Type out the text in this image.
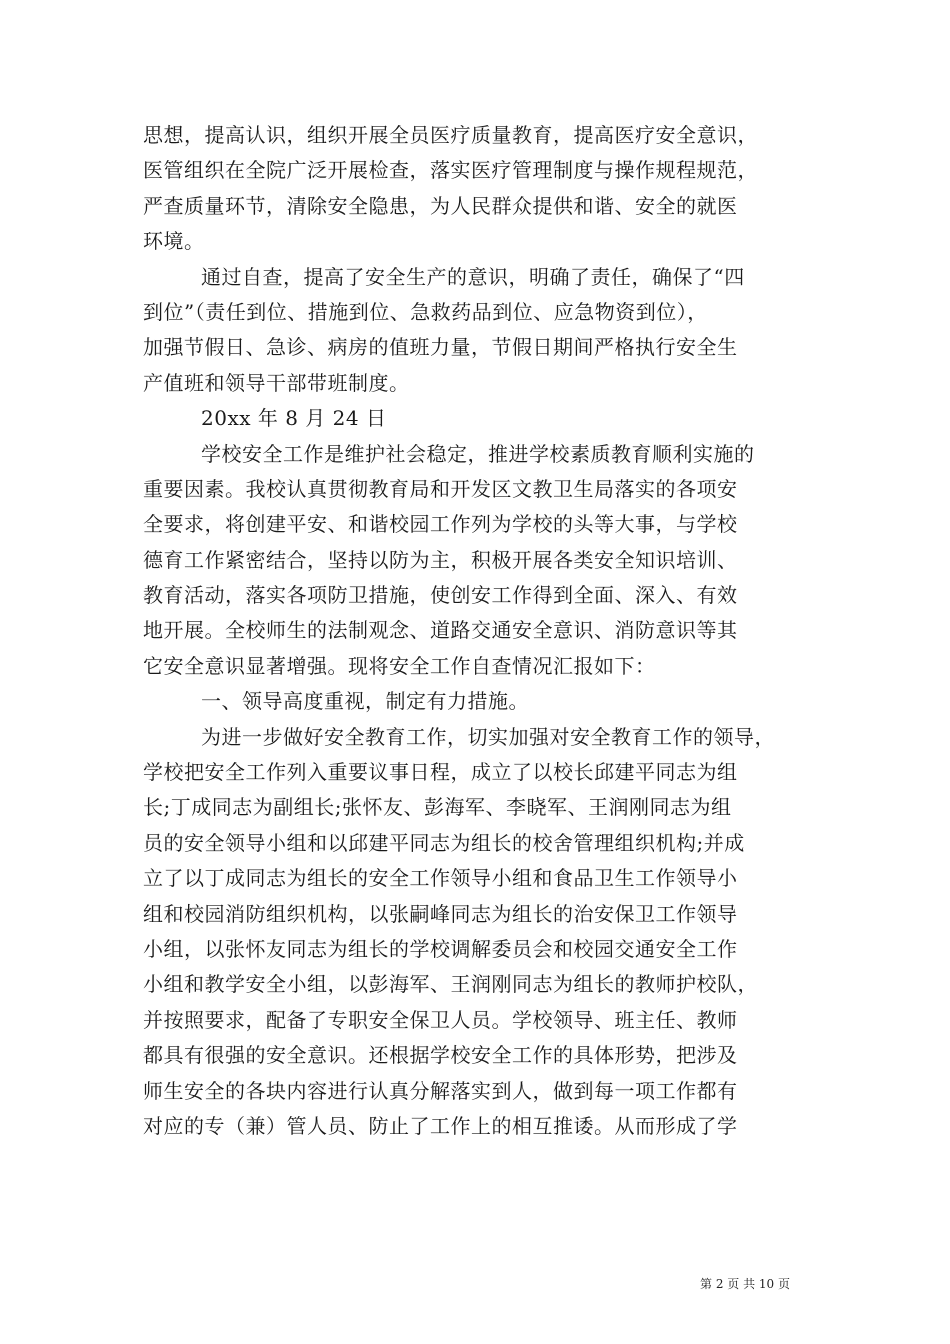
思想，提高认识，组织开展全员医疗质量教育，提高医疗安全意识，
医管组织在全院广泛开展检查，落实医疗管理制度与操作规程规范，
严查质量环节，清除安全隐患，为人民群众提供和谐、安全的就医
环境。
通过自查，提高了安全生产的意识，明确了责任，确保了“四
到位”（责任到位、措施到位、急救药品到位、应急物资到位），
加强节假日、急诊、病房的值班力量，节假日期间严格执行安全生
产值班和领导干部带班制度。
20xx 年 8 月 24 日
学校安全工作是维护社会稳定，推进学校素质教育顺利实施的
重要因素。我校认真贯彻教育局和开发区文教卫生局落实的各项安
全要求，将创建平安、和谐校园工作列为学校的头等大事，与学校
德育工作紧密结合，坚持以防为主，积极开展各类安全知识培训、
教育活动，落实各项防卫措施，使创安工作得到全面、深入、有效
地开展。全校师生的法制观念、道路交通安全意识、消防意识等其
它安全意识显著增强。现将安全工作自查情况汇报如下：
一、领导高度重视，制定有力措施。
为进一步做好安全教育工作，切实加强对安全教育工作的领导，
学校把安全工作列入重要议事日程，成立了以校长邱建平同志为组
长;丁成同志为副组长;张怀友、彭海军、李晓军、王润刚同志为组
员的安全领导小组和以邱建平同志为组长的校舍管理组织机构;并成
立了以丁成同志为组长的安全工作领导小组和食品卫生工作领导小
组和校园消防组织机构，以张嗣峰同志为组长的治安保卫工作领导
小组，以张怀友同志为组长的学校调解委员会和校园交通安全工作
小组和教学安全小组，以彭海军、王润刚同志为组长的教师护校队，
并按照要求，配备了专职安全保卫人员。学校领导、班主任、教师
都具有很强的安全意识。还根据学校安全工作的具体形势，把涉及
师生安全的各块内容进行认真分解落实到人，做到每一项工作都有
对应的专（兼）管人员、防止了工作上的相互推诿。从而形成了学
第 2 页 共 10 页
